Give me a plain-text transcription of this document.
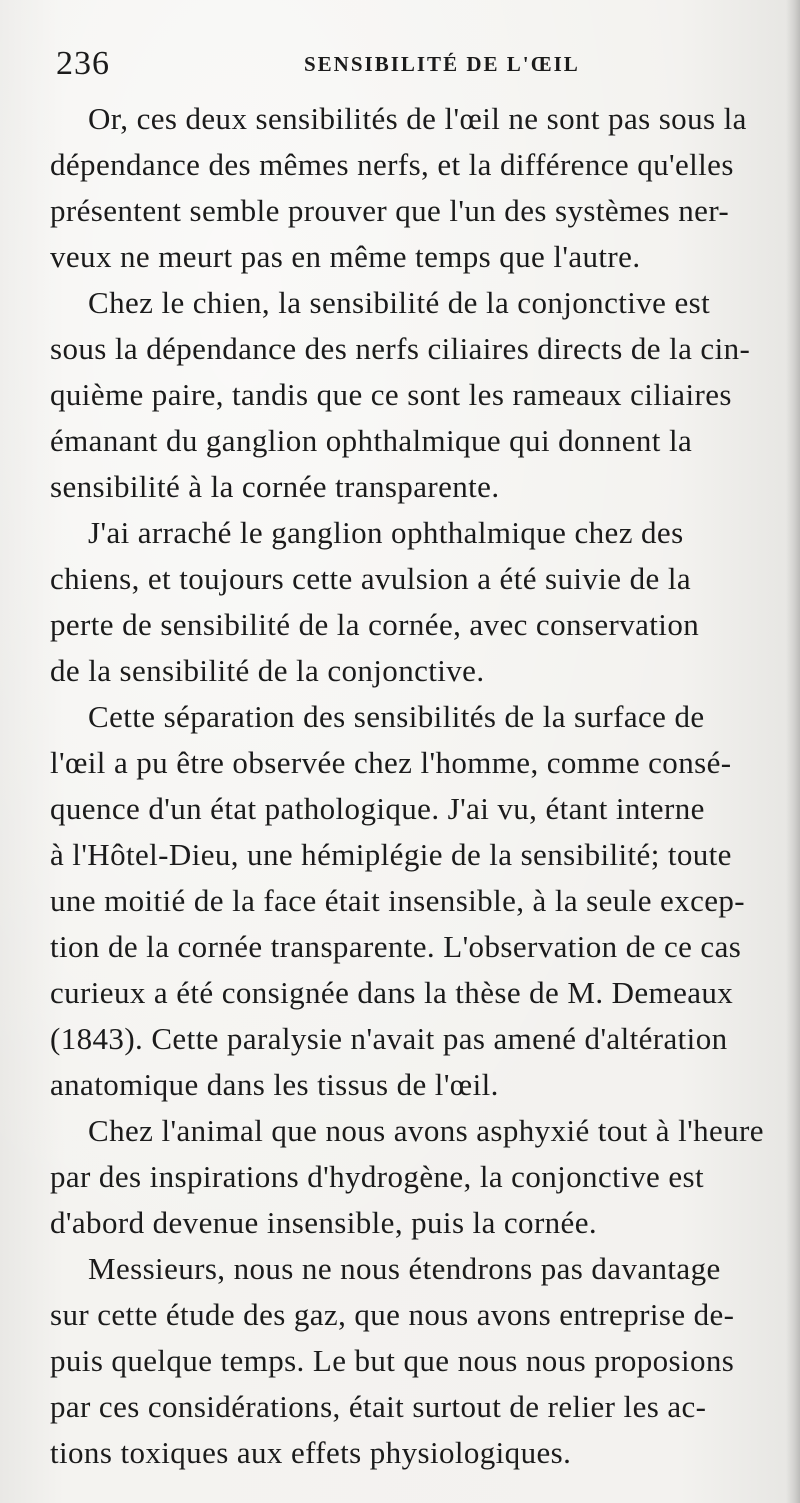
236	SENSIBILITÉ DE L'ŒIL
Or, ces deux sensibilités de l'œil ne sont pas sous la
dépendance des mêmes nerfs, et la différence qu'elles
présentent semble prouver que l'un des systèmes ner-
veux ne meurt pas en même temps que l'autre.
Chez le chien, la sensibilité de la conjonctive est
sous la dépendance des nerfs ciliaires directs de la cin-
quième paire, tandis que ce sont les rameaux ciliaires
émanant du ganglion ophthalmique qui donnent la
sensibilité à la cornée transparente.
J'ai arraché le ganglion ophthalmique chez des
chiens, et toujours cette avulsion a été suivie de la
perte de sensibilité de la cornée, avec conservation
de la sensibilité de la conjonctive.
Cette séparation des sensibilités de la surface de
l'œil a pu être observée chez l'homme, comme consé-
quence d'un état pathologique. J'ai vu, étant interne
à l'Hôtel-Dieu, une hémiplégie de la sensibilité; toute
une moitié de la face était insensible, à la seule excep-
tion de la cornée transparente. L'observation de ce cas
curieux a été consignée dans la thèse de M. Demeaux
(1843). Cette paralysie n'avait pas amené d'altération
anatomique dans les tissus de l'œil.
Chez l'animal que nous avons asphyxié tout à l'heure
par des inspirations d'hydrogène, la conjonctive est
d'abord devenue insensible, puis la cornée.
Messieurs, nous ne nous étendrons pas davantage
sur cette étude des gaz, que nous avons entreprise de-
puis quelque temps. Le but que nous nous proposions
par ces considérations, était surtout de relier les ac-
tions toxiques aux effets physiologiques.
